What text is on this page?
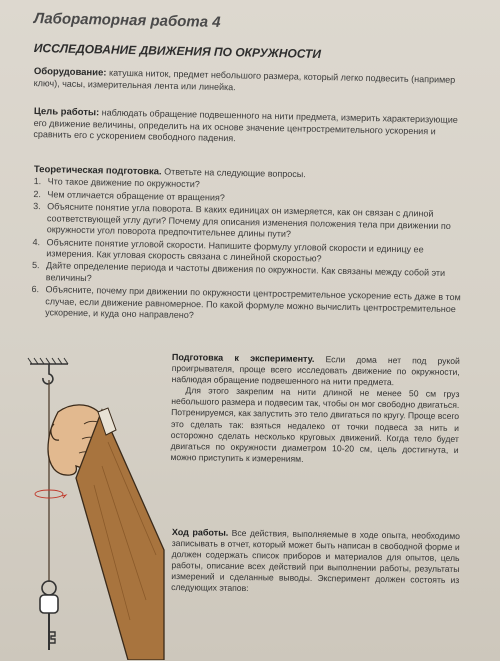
Лабораторная работа 4
ИССЛЕДОВАНИЕ ДВИЖЕНИЯ ПО ОКРУЖНОСТИ
Оборудование: катушка ниток, предмет небольшого размера, который легко подвесить (например ключ), часы, измерительная лента или линейка.
Цель работы: наблюдать обращение подвешенного на нити предмета, измерить характеризующие его движение величины, определить на их основе значение центростремительного ускорения и сравнить его с ускорением свободного падения.
Теоретическая подготовка. Ответьте на следующие вопросы.
1. Что такое движение по окружности?
2. Чем отличается обращение от вращения?
3. Объясните понятие угла поворота. В каких единицах он измеряется, как он связан с длиной соответствующей углу дуги? Почему для описания изменения положения тела при движении по окружности угол поворота предпочтительнее длины пути?
4. Объясните понятие угловой скорости. Напишите формулу угловой скорости и единицу ее измерения. Как угловая скорость связана с линейной скоростью?
5. Дайте определение периода и частоты движения по окружности. Как связаны между собой эти величины?
6. Объясните, почему при движении по окружности центростремительное ускорение есть даже в том случае, если движение равномерное. По какой формуле можно вычислить центростремительное ускорение, и куда оно направлено?

Подготовка к эксперименту. Если дома нет под рукой проигрывателя, проще всего исследовать движение по окружности, наблюдая обращение подвешенного на нити предмета.

Для этого закрепим на нити длиной не менее 50 см груз небольшого размера и подвесим так, чтобы он мог свободно двигаться. Потренируемся, как запустить это тело двигаться по кругу. Проще всего это сделать так: взяться недалеко от точки подвеса за нить и осторожно сделать несколько круговых движений. Когда тело будет двигаться по окружности диаметром 10-20 см, цель достигнута, и можно приступить к измерениям.

Ход работы. Все действия, выполняемые в ходе опыта, необходимо записывать в отчет, который может быть написан в свободной форме и должен содержать список приборов и материалов для опытов, цель работы, описание всех действий при выполнении работы, результаты измерений и сделанные выводы. Эксперимент должен состоять из следующих этапов:
